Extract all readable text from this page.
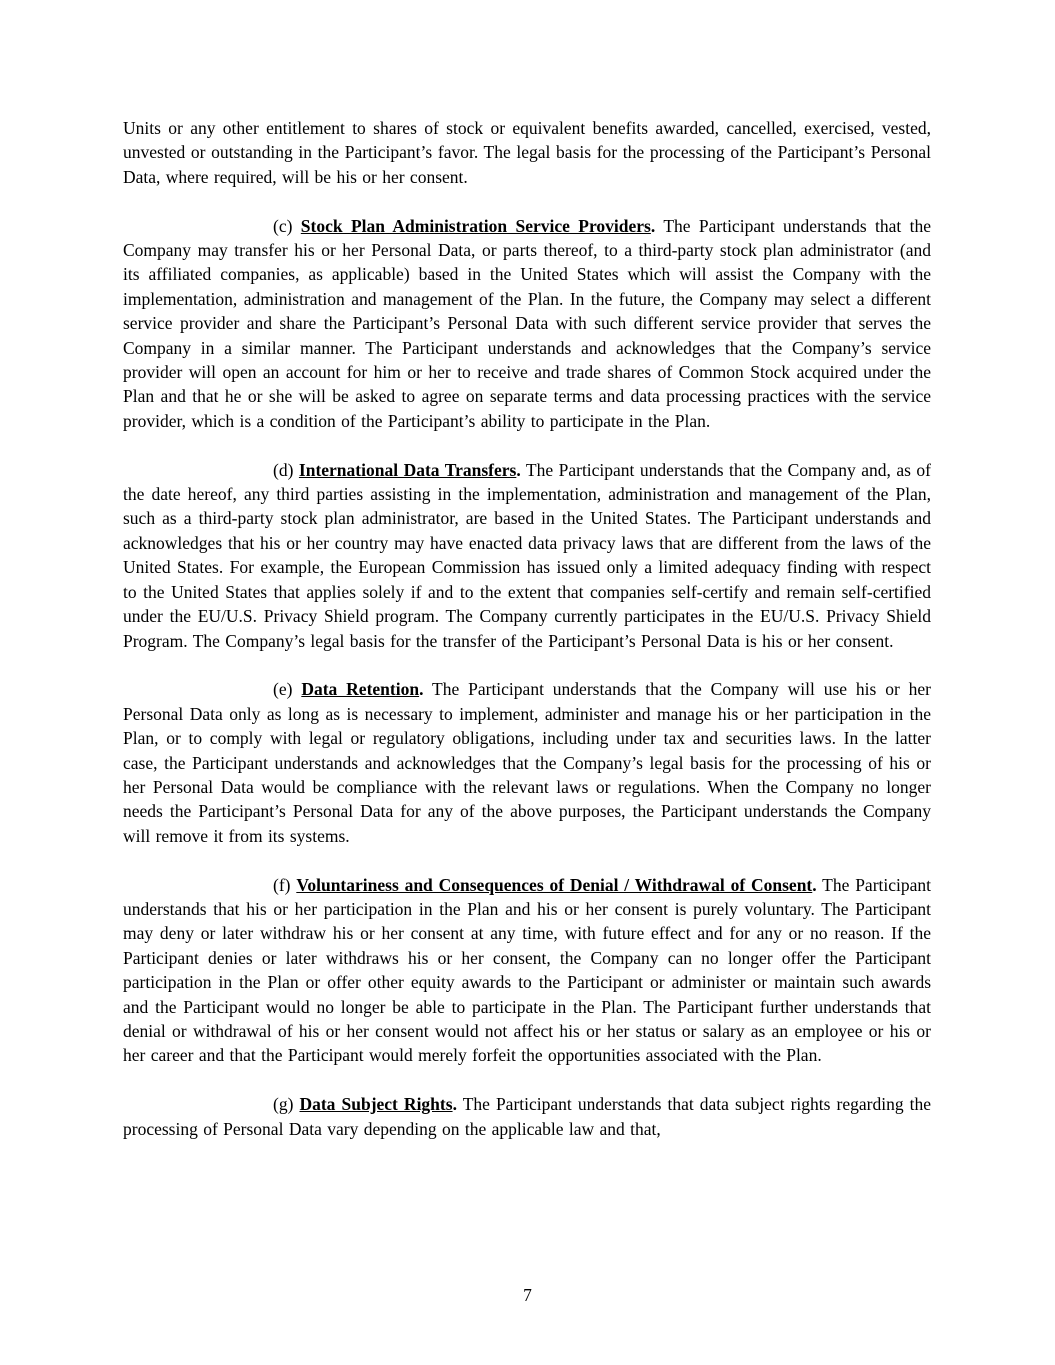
Units or any other entitlement to shares of stock or equivalent benefits awarded, cancelled, exercised, vested, unvested or outstanding in the Participant’s favor. The legal basis for the processing of the Participant’s Personal Data, where required, will be his or her consent.

(c) Stock Plan Administration Service Providers. The Participant understands that the Company may transfer his or her Personal Data, or parts thereof, to a third-party stock plan administrator (and its affiliated companies, as applicable) based in the United States which will assist the Company with the implementation, administration and management of the Plan. In the future, the Company may select a different service provider and share the Participant’s Personal Data with such different service provider that serves the Company in a similar manner. The Participant understands and acknowledges that the Company’s service provider will open an account for him or her to receive and trade shares of Common Stock acquired under the Plan and that he or she will be asked to agree on separate terms and data processing practices with the service provider, which is a condition of the Participant’s ability to participate in the Plan.

(d) International Data Transfers. The Participant understands that the Company and, as of the date hereof, any third parties assisting in the implementation, administration and management of the Plan, such as a third-party stock plan administrator, are based in the United States. The Participant understands and acknowledges that his or her country may have enacted data privacy laws that are different from the laws of the United States. For example, the European Commission has issued only a limited adequacy finding with respect to the United States that applies solely if and to the extent that companies self-certify and remain self-certified under the EU/U.S. Privacy Shield program. The Company currently participates in the EU/U.S. Privacy Shield Program. The Company’s legal basis for the transfer of the Participant’s Personal Data is his or her consent.

(e) Data Retention. The Participant understands that the Company will use his or her Personal Data only as long as is necessary to implement, administer and manage his or her participation in the Plan, or to comply with legal or regulatory obligations, including under tax and securities laws. In the latter case, the Participant understands and acknowledges that the Company’s legal basis for the processing of his or her Personal Data would be compliance with the relevant laws or regulations. When the Company no longer needs the Participant’s Personal Data for any of the above purposes, the Participant understands the Company will remove it from its systems.

(f) Voluntariness and Consequences of Denial / Withdrawal of Consent. The Participant understands that his or her participation in the Plan and his or her consent is purely voluntary. The Participant may deny or later withdraw his or her consent at any time, with future effect and for any or no reason. If the Participant denies or later withdraws his or her consent, the Company can no longer offer the Participant participation in the Plan or offer other equity awards to the Participant or administer or maintain such awards and the Participant would no longer be able to participate in the Plan. The Participant further understands that denial or withdrawal of his or her consent would not affect his or her status or salary as an employee or his or her career and that the Participant would merely forfeit the opportunities associated with the Plan.

(g) Data Subject Rights. The Participant understands that data subject rights regarding the processing of Personal Data vary depending on the applicable law and that,

7
